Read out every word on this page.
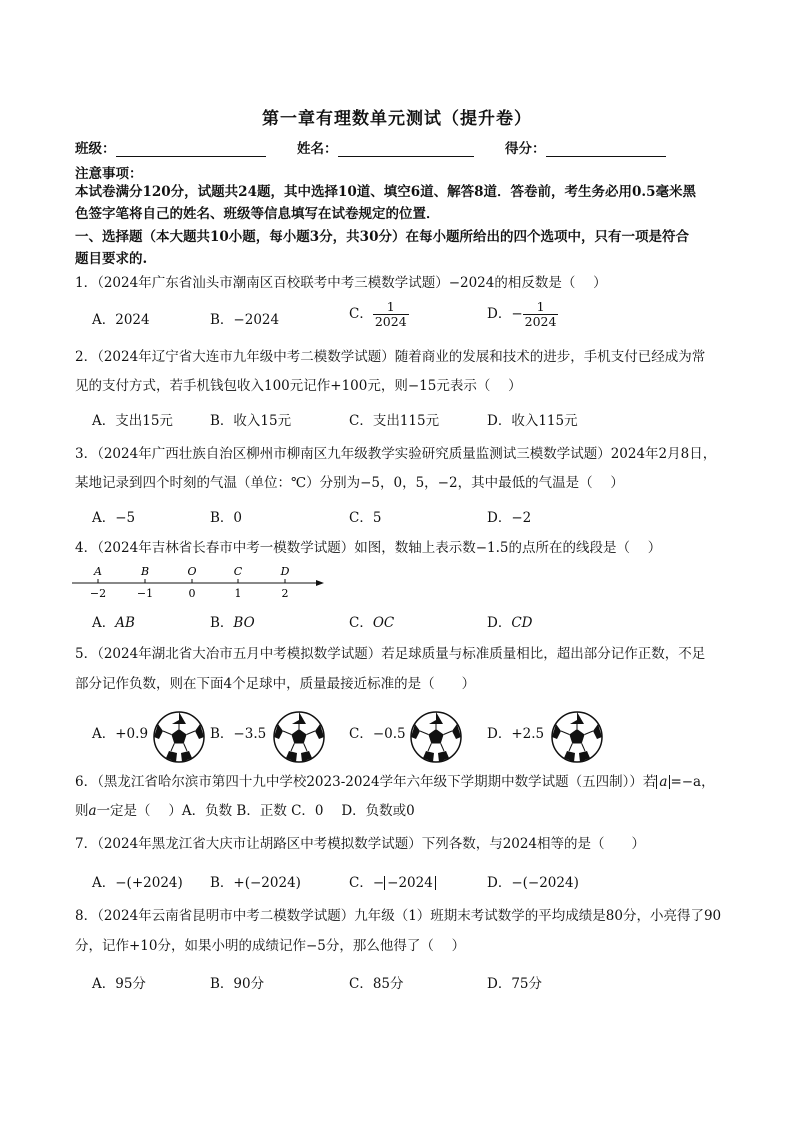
第一章有理数单元测试（提升卷）
班级：	姓名：	得分：
注意事项：
本试卷满分120分，试题共24题，其中选择10道、填空6道、解答8道．答卷前，考生务必用0.5毫米黑
色签字笔将自己的姓名、班级等信息填写在试卷规定的位置．
一、选择题（本大题共10小题，每小题3分，共30分）在每小题所给出的四个选项中，只有一项是符合
题目要求的.
1．（2024年广东省汕头市潮南区百校联考中考三模数学试题）−2024的相反数是（　 ）
A．2024	B．−2024	C． $\frac{1}{2024}$	D．− $\frac{1}{2024}$
2．（2024年辽宁省大连市九年级中考二模数学试题）随着商业的发展和技术的进步，手机支付已经成为常
见的支付方式，若手机钱包收入100元记作+100元，则−15元表示（　 ）
A．支出15元	B．收入15元	C．支出115元	D．收入115元
3．（2024年广西壮族自治区柳州市柳南区九年级教学实验研究质量监测试三模数学试题）2024年2月8日，
某地记录到四个时刻的气温（单位：℃）分别为−5，0，5，−2，其中最低的气温是（　 ）
A．−5	B．0	C．5	D．−2
4．（2024年吉林省长春市中考一模数学试题）如图，数轴上表示数−1.5的点所在的线段是（　 ）
A	B	O	C	D
−2	−1	0	1	2
A．AB	B．BO	C．OC	D．CD
5．（2024年湖北省大冶市五月中考模拟数学试题）若足球质量与标准质量相比，超出部分记作正数，不足
部分记作负数，则在下面4个足球中，质量最接近标准的是（　　）
A．+0.9	B．−3.5	C．−0.5	D．+2.5
6．（黑龙江省哈尔滨市第四十九中学校2023-2024学年六年级下学期期中数学试题（五四制））若 a =−a，
则a一定是（　 ）A．负数 B．正数 C．0　 D．负数或0
7．（2024年黑龙江省大庆市让胡路区中考模拟数学试题）下列各数，与2024相等的是（　　）
A．−(+2024) B．+(−2024)	C．− −2024	D．−(−2024)
8．（2024年云南省昆明市中考二模数学试题）九年级（1）班期末考试数学的平均成绩是80分，小亮得了90
分，记作+10分，如果小明的成绩记作−5分，那么他得了（　 ）
A．95分	B．90分	C．85分	D．75分
